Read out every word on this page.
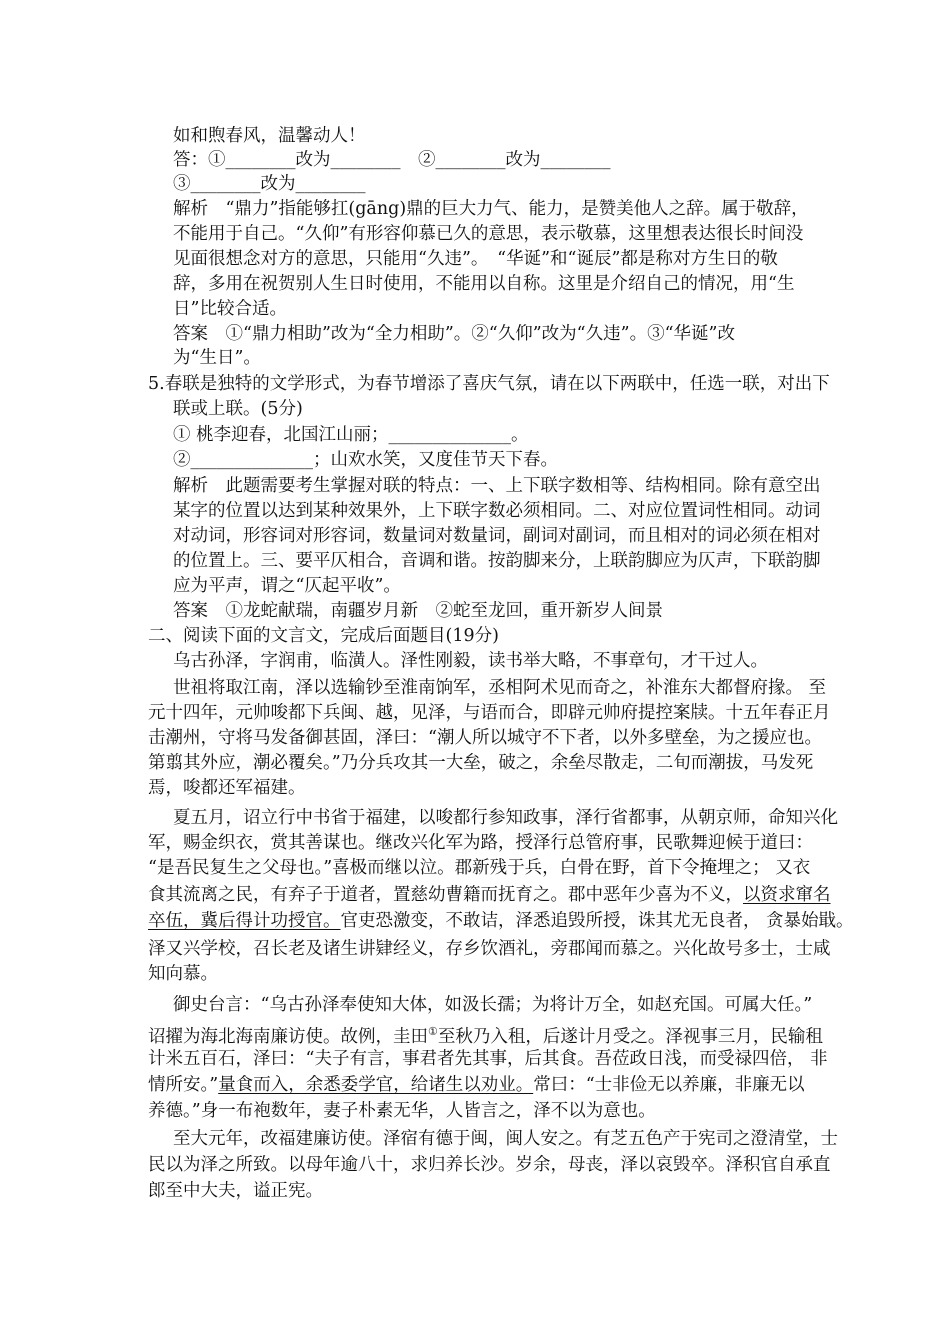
如和煦春风，温馨动人！
答：①________改为________　②________改为________
③________改为________
解析　“鼎力”指能够扛(gāng)鼎的巨大力气、能力，是赞美他人之辞。属于敬辞，
不能用于自己。“久仰”有形容仰慕已久的意思，表示敬慕，这里想表达很长时间没
见面很想念对方的意思，只能用“久违”。　“华诞”和“诞辰”都是称对方生日的敬
辞，多用在祝贺别人生日时使用，不能用以自称。这里是介绍自己的情况，用“生
日”比较合适。
答案　①“鼎力相助”改为“全力相助”。②“久仰”改为“久违”。③“华诞”改
为“生日”。
5.春联是独特的文学形式，为春节增添了喜庆气氛，请在以下两联中，任选一联，对出下
联或上联。(5分)
① 桃李迎春，北国江山丽；______________。
②______________；山欢水笑，又度佳节天下春。
解析　此题需要考生掌握对联的特点：一、上下联字数相等、结构相同。除有意空出
某字的位置以达到某种效果外，上下联字数必须相同。二、对应位置词性相同。动词
对动词，形容词对形容词，数量词对数量词，副词对副词，而且相对的词必须在相对
的位置上。三、要平仄相合，音调和谐。按韵脚来分，上联韵脚应为仄声，下联韵脚
应为平声，谓之“仄起平收”。
答案　①龙蛇献瑞，南疆岁月新　②蛇至龙回，重开新岁人间景
二、阅读下面的文言文，完成后面题目(19分)
乌古孙泽，字润甫，临潢人。泽性刚毅，读书举大略，不事章句，才干过人。
世祖将取江南，泽以选输钞至淮南饷军，丞相阿术见而奇之，补淮东大都督府掾。 至
元十四年，元帅唆都下兵闽、越，见泽，与语而合，即辟元帅府提控案牍。十五年春正月
击潮州，守将马发备御甚固，泽曰：“潮人所以城守不下者，以外多壁垒，为之援应也。
第翦其外应，潮必覆矣。”乃分兵攻其一大垒，破之，余垒尽散走，二旬而潮拔，马发死
焉，唆都还军福建。
夏五月，诏立行中书省于福建，以唆都行参知政事，泽行省都事，从朝京师，命知兴化
军，赐金织衣，赏其善谋也。继改兴化军为路，授泽行总管府事，民歌舞迎候于道曰：
“是吾民复生之父母也。”喜极而继以泣。郡新残于兵，白骨在野，首下令掩埋之； 又衣
食其流离之民，有弃子于道者，置慈幼曹籍而抚育之。郡中恶年少喜为不义，以资求窜名
卒伍，冀后得计功授官。官吏恐激变，不敢诘，泽悉追毁所授，诛其尤无良者， 贪暴始戢。
泽又兴学校，召长老及诸生讲肄经义，存乡饮酒礼，旁郡闻而慕之。兴化故号多士，士咸
知向慕。
御史台言：“乌古孙泽奉使知大体，如汲长孺；为将计万全，如赵充国。可属大任。”
诏擢为海北海南廉访使。故例，圭田①至秋乃入租，后遂计月受之。泽视事三月，民输租
计米五百石，泽曰：“夫子有言，事君者先其事，后其食。吾莅政日浅，而受禄四倍， 非
情所安。”量食而入，余悉委学官，给诸生以劝业。常曰：“士非俭无以养廉，非廉无以
养德。”身一布袍数年，妻子朴素无华，人皆言之，泽不以为意也。
至大元年，改福建廉访使。泽宿有德于闽，闽人安之。有芝五色产于宪司之澄清堂，士
民以为泽之所致。以母年逾八十，求归养长沙。岁余，母丧，泽以哀毁卒。泽积官自承直
郎至中大夫，谥正宪。
